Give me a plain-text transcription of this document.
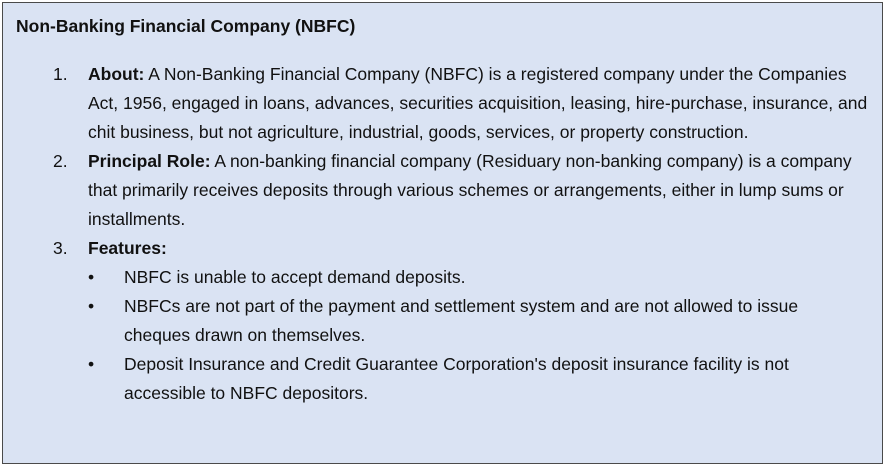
Non-Banking Financial Company (NBFC)
1. About: A Non-Banking Financial Company (NBFC) is a registered company under the Companies Act, 1956, engaged in loans, advances, securities acquisition, leasing, hire-purchase, insurance, and chit business, but not agriculture, industrial, goods, services, or property construction.
2. Principal Role: A non-banking financial company (Residuary non-banking company) is a company that primarily receives deposits through various schemes or arrangements, either in lump sums or installments.
3. Features:
• NBFC is unable to accept demand deposits.
• NBFCs are not part of the payment and settlement system and are not allowed to issue cheques drawn on themselves.
• Deposit Insurance and Credit Guarantee Corporation's deposit insurance facility is not accessible to NBFC depositors.
